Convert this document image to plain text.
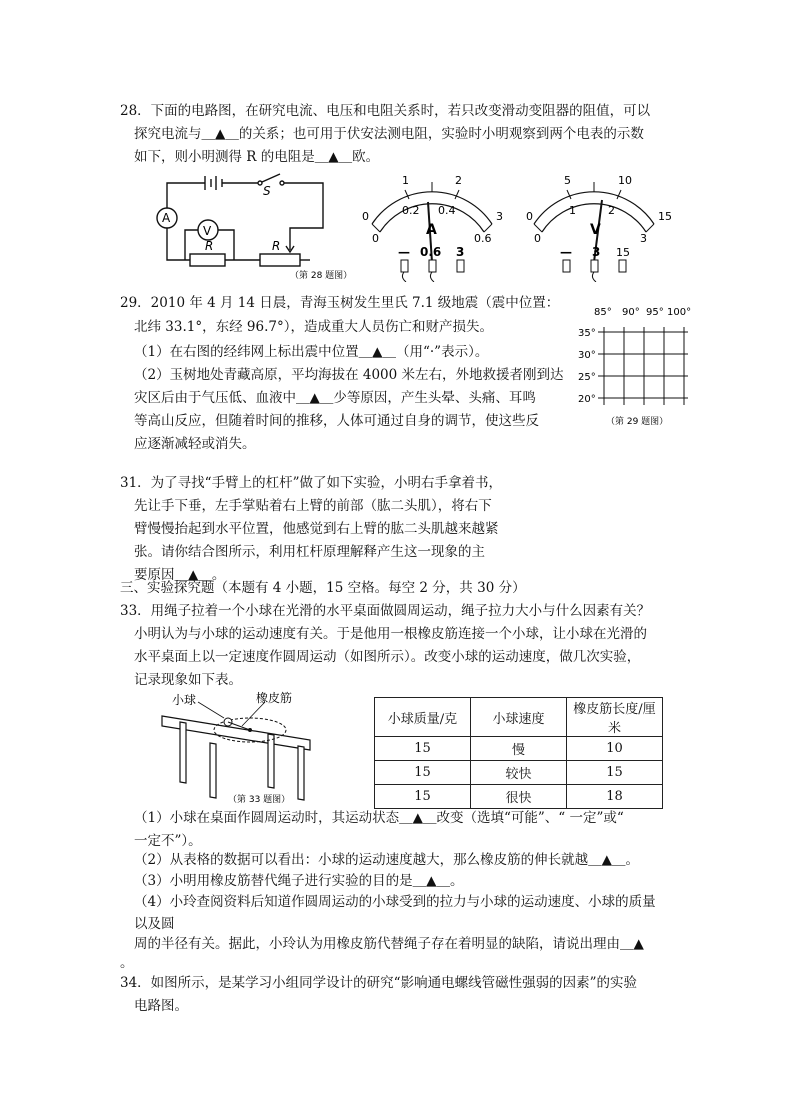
28．下面的电路图，在研究电流、电压和电阻关系时，若只改变滑动变阻器的阻值，可以
探究电流与＿▲＿的关系；也可用于伏安法测电阻，实验时小明观察到两个电表的示数
如下，则小明测得 R 的电阻是＿▲＿欧。
A
V
R	R
S
（第 28 题图）
0
1	2
3
0
0.2 0.4
0.6
A
— 0.6 3
0
5	10
15
0
1	2
3
V
— 3 15
29．2010 年 4 月 14 日晨，青海玉树发生里氏 7.1 级地震（震中位置：
北纬 33.1°，东经 96.7°），造成重大人员伤亡和财产损失。
（1）在右图的经纬网上标出震中位置＿▲＿（用“·”表示）。
（2）玉树地处青藏高原，平均海拔在 4000 米左右，外地救援者刚到达
灾区后由于气压低、血液中＿▲＿少等原因，产生头晕、头痛、耳鸣
等高山反应，但随着时间的推移，人体可通过自身的调节，使这些反
应逐渐减轻或消失。
85° 90° 95° 100°
35°
30°
25°
20°
（第 29 题图）
31．为了寻找“手臂上的杠杆”做了如下实验，小明右手拿着书，
先让手下垂，左手掌贴着右上臂的前部（肱二头肌），将右下
臂慢慢抬起到水平位置，他感觉到右上臂的肱二头肌越来越紧
张。请你结合图所示，利用杠杆原理解释产生这一现象的主
要原因＿▲＿。
三、实验探究题（本题有 4 小题，15 空格。每空 2 分，共 30 分）
33．用绳子拉着一个小球在光滑的水平桌面做圆周运动，绳子拉力大小与什么因素有关？
小明认为与小球的运动速度有关。于是他用一根橡皮筋连接一个小球，让小球在光滑的
水平桌面上以一定速度作圆周运动（如图所示）。改变小球的运动速度，做几次实验，
记录现象如下表。
小球	橡皮筋
（第 33 题图）
小球质量/克	小球速度	橡皮筋长度/厘米
15	慢	10
15	较快	15
15	很快	18
（1）小球在桌面作圆周运动时，其运动状态＿▲＿改变（选填“可能”、“ 一定”或“
一定不”）。
（2）从表格的数据可以看出：小球的运动速度越大，那么橡皮筋的伸长就越＿▲＿。
（3）小明用橡皮筋替代绳子进行实验的目的是＿▲＿。
（4）小玲查阅资料后知道作圆周运动的小球受到的拉力与小球的运动速度、小球的质量
以及圆
周的半径有关。据此，小玲认为用橡皮筋代替绳子存在着明显的缺陷，请说出理由＿▲
。
34．如图所示，是某学习小组同学设计的研究“影响通电螺线管磁性强弱的因素”的实验
电路图。
